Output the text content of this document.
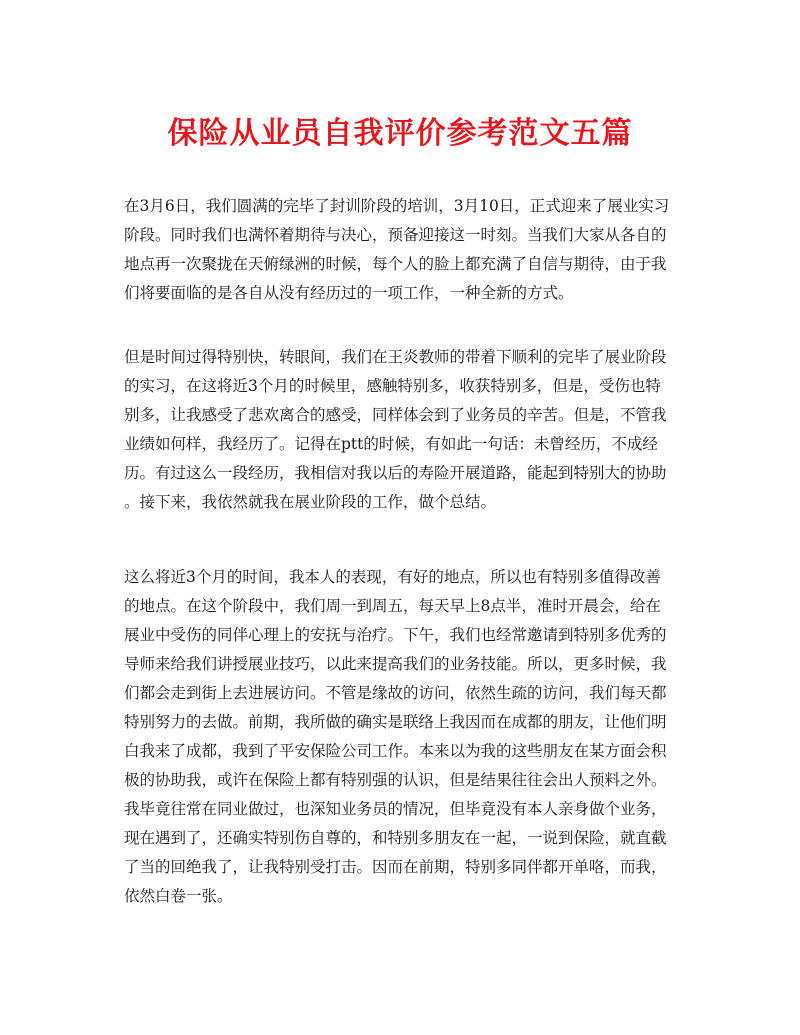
保险从业员自我评价参考范文五篇
在3月6日，我们圆满的完毕了封训阶段的培训，3月10日，正式迎来了展业实习
阶段。同时我们也满怀着期待与决心，预备迎接这一时刻。当我们大家从各自的
地点再一次聚拢在天俯绿洲的时候，每个人的脸上都充满了自信与期待，由于我
们将要面临的是各自从没有经历过的一项工作，一种全新的方式。
但是时间过得特别快，转眼间，我们在王炎教师的带着下顺利的完毕了展业阶段
的实习，在这将近3个月的时候里，感触特别多，收获特别多，但是，受伤也特
别多，让我感受了悲欢离合的感受，同样体会到了业务员的辛苦。但是，不管我
业绩如何样，我经历了。记得在ptt的时候，有如此一句话：未曾经历，不成经
历。有过这么一段经历，我相信对我以后的寿险开展道路，能起到特别大的协助
。接下来，我依然就我在展业阶段的工作，做个总结。
这么将近3个月的时间，我本人的表现，有好的地点，所以也有特别多值得改善
的地点。在这个阶段中，我们周一到周五，每天早上8点半，准时开晨会，给在
展业中受伤的同伴心理上的安抚与治疗。下午，我们也经常邀请到特别多优秀的
导师来给我们讲授展业技巧，以此来提高我们的业务技能。所以，更多时候，我
们都会走到街上去进展访问。不管是缘故的访问，依然生疏的访问，我们每天都
特别努力的去做。前期，我所做的确实是联络上我因而在成都的朋友，让他们明
白我来了成都，我到了平安保险公司工作。本来以为我的这些朋友在某方面会积
极的协助我，或许在保险上都有特别强的认识，但是结果往往会出人预料之外。
我毕竟往常在同业做过，也深知业务员的情况，但毕竟没有本人亲身做个业务，
现在遇到了，还确实特别伤自尊的，和特别多朋友在一起，一说到保险，就直截
了当的回绝我了，让我特别受打击。因而在前期，特别多同伴都开单咯，而我，
依然白卷一张。
